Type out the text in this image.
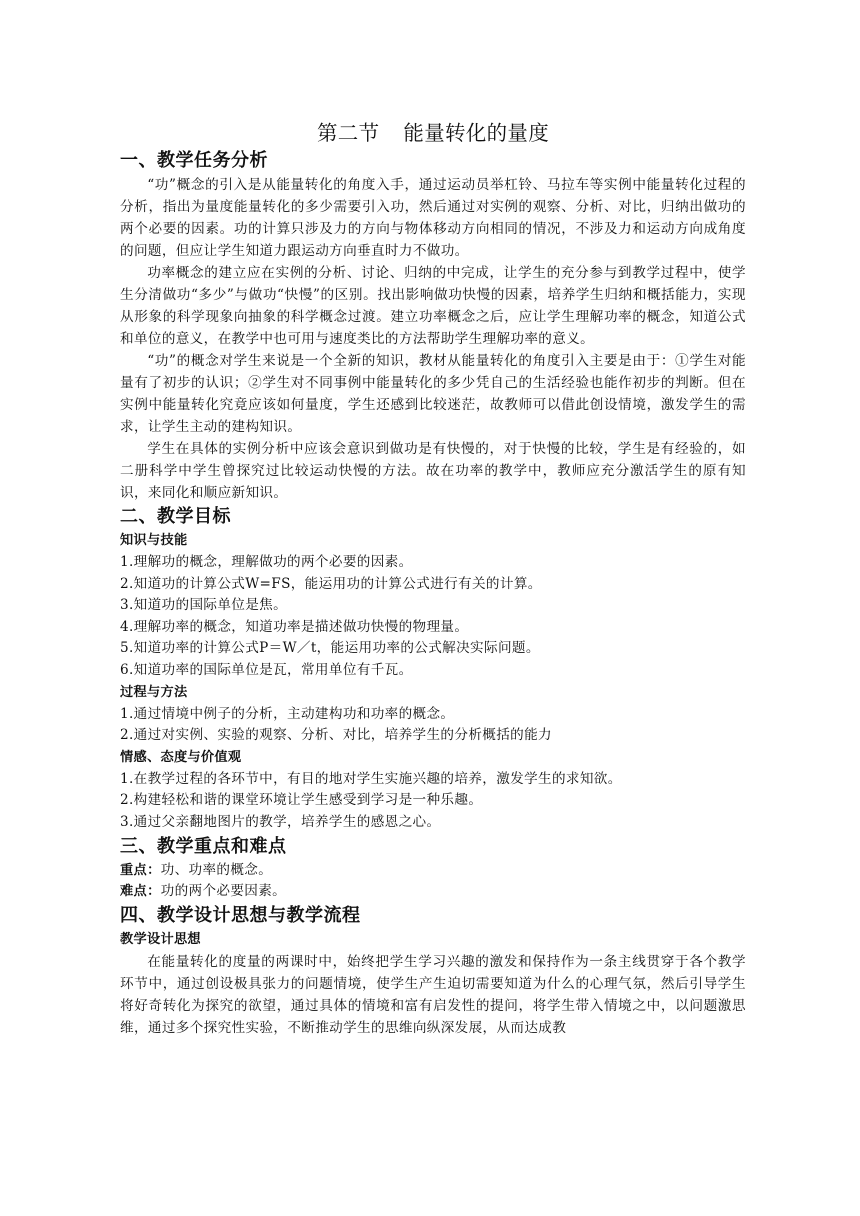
第二节 能量转化的量度
一、教学任务分析

“功”概念的引入是从能量转化的角度入手，通过运动员举杠铃、马拉车等实例中能量转化过程的分析，指出为量度能量转化的多少需要引入功，然后通过对实例的观察、分析、对比，归纳出做功的两个必要的因素。功的计算只涉及力的方向与物体移动方向相同的情况，不涉及力和运动方向成角度的问题，但应让学生知道力跟运动方向垂直时力不做功。

功率概念的建立应在实例的分析、讨论、归纳的中完成，让学生的充分参与到教学过程中，使学生分清做功“多少”与做功“快慢”的区别。找出影响做功快慢的因素，培养学生归纳和概括能力，实现从形象的科学现象向抽象的科学概念过渡。建立功率概念之后，应让学生理解功率的概念，知道公式和单位的意义，在教学中也可用与速度类比的方法帮助学生理解功率的意义。

“功”的概念对学生来说是一个全新的知识，教材从能量转化的角度引入主要是由于：①学生对能量有了初步的认识；②学生对不同事例中能量转化的多少凭自己的生活经验也能作初步的判断。但在实例中能量转化究竟应该如何量度，学生还感到比较迷茫，故教师可以借此创设情境，激发学生的需求，让学生主动的建构知识。

学生在具体的实例分析中应该会意识到做功是有快慢的，对于快慢的比较，学生是有经验的，如二册科学中学生曾探究过比较运动快慢的方法。故在功率的教学中，教师应充分激活学生的原有知识，来同化和顺应新知识。

二、教学目标

知识与技能

1.理解功的概念，理解做功的两个必要的因素。

2.知道功的计算公式W=FS，能运用功的计算公式进行有关的计算。

3.知道功的国际单位是焦。

4.理解功率的概念，知道功率是描述做功快慢的物理量。

5.知道功率的计算公式P＝W／t，能运用功率的公式解决实际问题。

6.知道功率的国际单位是瓦，常用单位有千瓦。

过程与方法

1.通过情境中例子的分析，主动建构功和功率的概念。

2.通过对实例、实验的观察、分析、对比，培养学生的分析概括的能力

情感、态度与价值观

1.在教学过程的各环节中，有目的地对学生实施兴趣的培养，激发学生的求知欲。

2.构建轻松和谐的课堂环境让学生感受到学习是一种乐趣。

3.通过父亲翻地图片的教学，培养学生的感恩之心。

三、教学重点和难点

重点：功、功率的概念。

难点：功的两个必要因素。

四、教学设计思想与教学流程

教学设计思想

在能量转化的度量的两课时中，始终把学生学习兴趣的激发和保持作为一条主线贯穿于各个教学环节中，通过创设极具张力的问题情境，使学生产生迫切需要知道为什么的心理气氛，然后引导学生将好奇转化为探究的欲望，通过具体的情境和富有启发性的提问，将学生带入情境之中，以问题激思维，通过多个探究性实验，不断推动学生的思维向纵深发展，从而达成教
